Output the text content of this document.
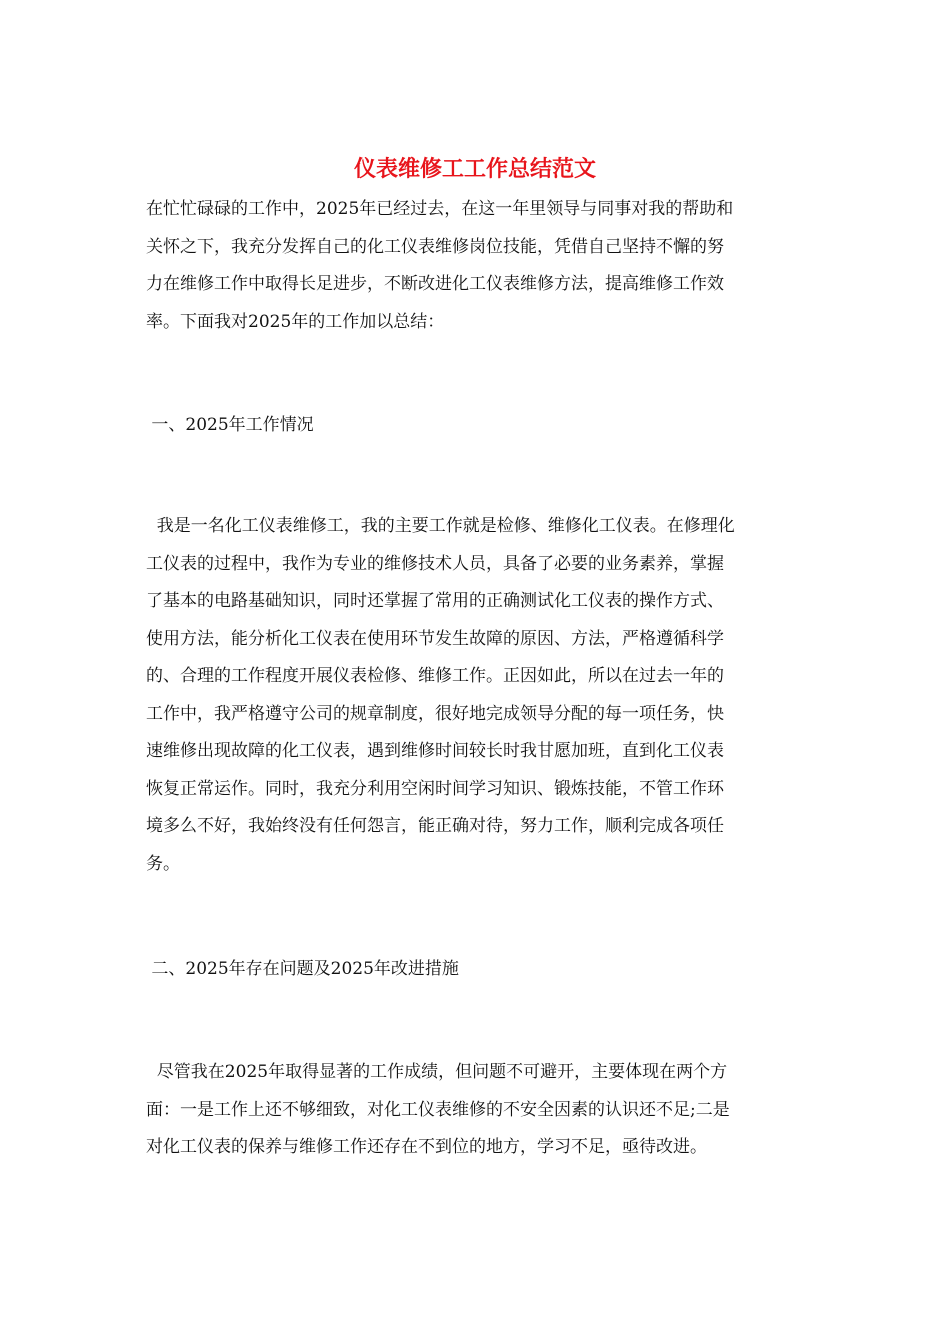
仪表维修工工作总结范文
在忙忙碌碌的工作中，2025年已经过去，在这一年里领导与同事对我的帮助和
关怀之下，我充分发挥自己的化工仪表维修岗位技能，凭借自己坚持不懈的努
力在维修工作中取得长足进步，不断改进化工仪表维修方法，提高维修工作效
率。下面我对2025年的工作加以总结：
一、2025年工作情况
我是一名化工仪表维修工，我的主要工作就是检修、维修化工仪表。在修理化
工仪表的过程中，我作为专业的维修技术人员，具备了必要的业务素养，掌握
了基本的电路基础知识，同时还掌握了常用的正确测试化工仪表的操作方式、
使用方法，能分析化工仪表在使用环节发生故障的原因、方法，严格遵循科学
的、合理的工作程度开展仪表检修、维修工作。正因如此，所以在过去一年的
工作中，我严格遵守公司的规章制度，很好地完成领导分配的每一项任务，快
速维修出现故障的化工仪表，遇到维修时间较长时我甘愿加班，直到化工仪表
恢复正常运作。同时，我充分利用空闲时间学习知识、锻炼技能，不管工作环
境多么不好，我始终没有任何怨言，能正确对待，努力工作，顺利完成各项任
务。
二、2025年存在问题及2025年改进措施
尽管我在2025年取得显著的工作成绩，但问题不可避开，主要体现在两个方
面：一是工作上还不够细致，对化工仪表维修的不安全因素的认识还不足;二是
对化工仪表的保养与维修工作还存在不到位的地方，学习不足，亟待改进。
